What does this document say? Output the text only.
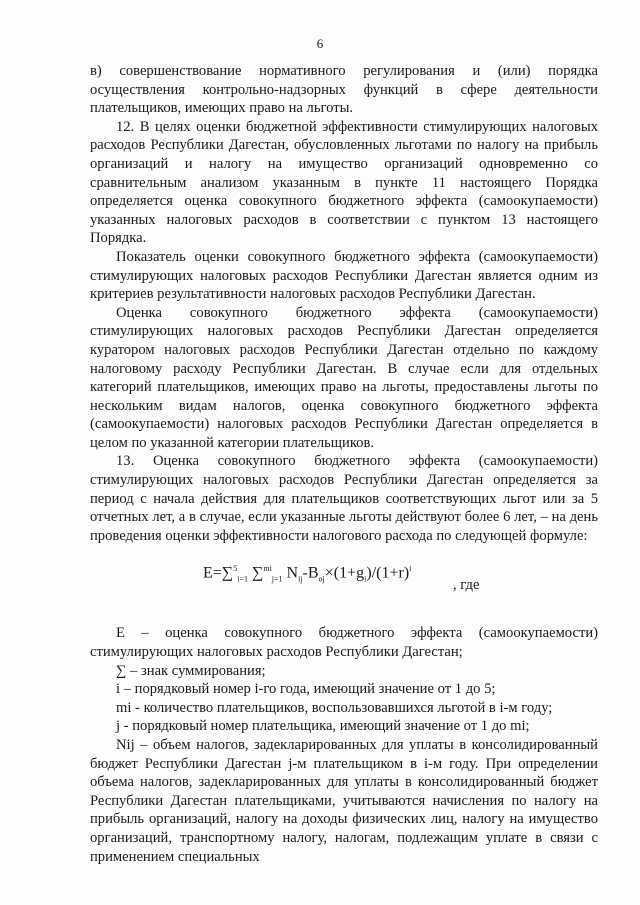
6

в) совершенствование нормативного регулирования и (или) порядка осуществления контрольно-надзорных функций в сфере деятельности плательщиков, имеющих право на льготы.

12. В целях оценки бюджетной эффективности стимулирующих налоговых расходов Республики Дагестан, обусловленных льготами по налогу на прибыль организаций и налогу на имущество организаций одновременно со сравнительным анализом указанным в пункте 11 настоящего Порядка определяется оценка совокупного бюджетного эффекта (самоокупаемости) указанных налоговых расходов в соответствии с пунктом 13 настоящего Порядка.

Показатель оценки совокупного бюджетного эффекта (самоокупаемости) стимулирующих налоговых расходов Республики Дагестан является одним из критериев результативности налоговых расходов Республики Дагестан.

Оценка совокупного бюджетного эффекта (самоокупаемости) стимулирующих налоговых расходов Республики Дагестан определяется куратором налоговых расходов Республики Дагестан отдельно по каждому налоговому расходу Республики Дагестан. В случае если для отдельных категорий плательщиков, имеющих право на льготы, предоставлены льготы по нескольким видам налогов, оценка совокупного бюджетного эффекта (самоокупаемости) налоговых расходов Республики Дагестан определяется в целом по указанной категории плательщиков.

13. Оценка совокупного бюджетного эффекта (самоокупаемости) стимулирующих налоговых расходов Республики Дагестан определяется за период с начала действия для плательщиков соответствующих льгот или за 5 отчетных лет, а в случае, если указанные льготы действуют более 6 лет, – на день проведения оценки эффективности налогового расхода по следующей формуле:

E=∑$^5_{i=1}$ ∑$^{mi}_{j=1}$ $N_{ij}-B_{oj}\times(1+g_i)/(1+r)^i$
, где

E – оценка совокупного бюджетного эффекта (самоокупаемости) стимулирующих налоговых расходов Республики Дагестан;

∑ – знак суммирования;

i – порядковый номер i-го года, имеющий значение от 1 до 5;

mi - количество плательщиков, воспользовавшихся льготой в i-м году;

j - порядковый номер плательщика, имеющий значение от 1 до mi;

Nij – объем налогов, задекларированных для уплаты в консолидированный бюджет Республики Дагестан j-м плательщиком в i-м году. При определении объема налогов, задекларированных для уплаты в консолидированный бюджет Республики Дагестан плательщиками, учитываются начисления по налогу на прибыль организаций, налогу на доходы физических лиц, налогу на имущество организаций, транспортному налогу, налогам, подлежащим уплате в связи с применением специальных
